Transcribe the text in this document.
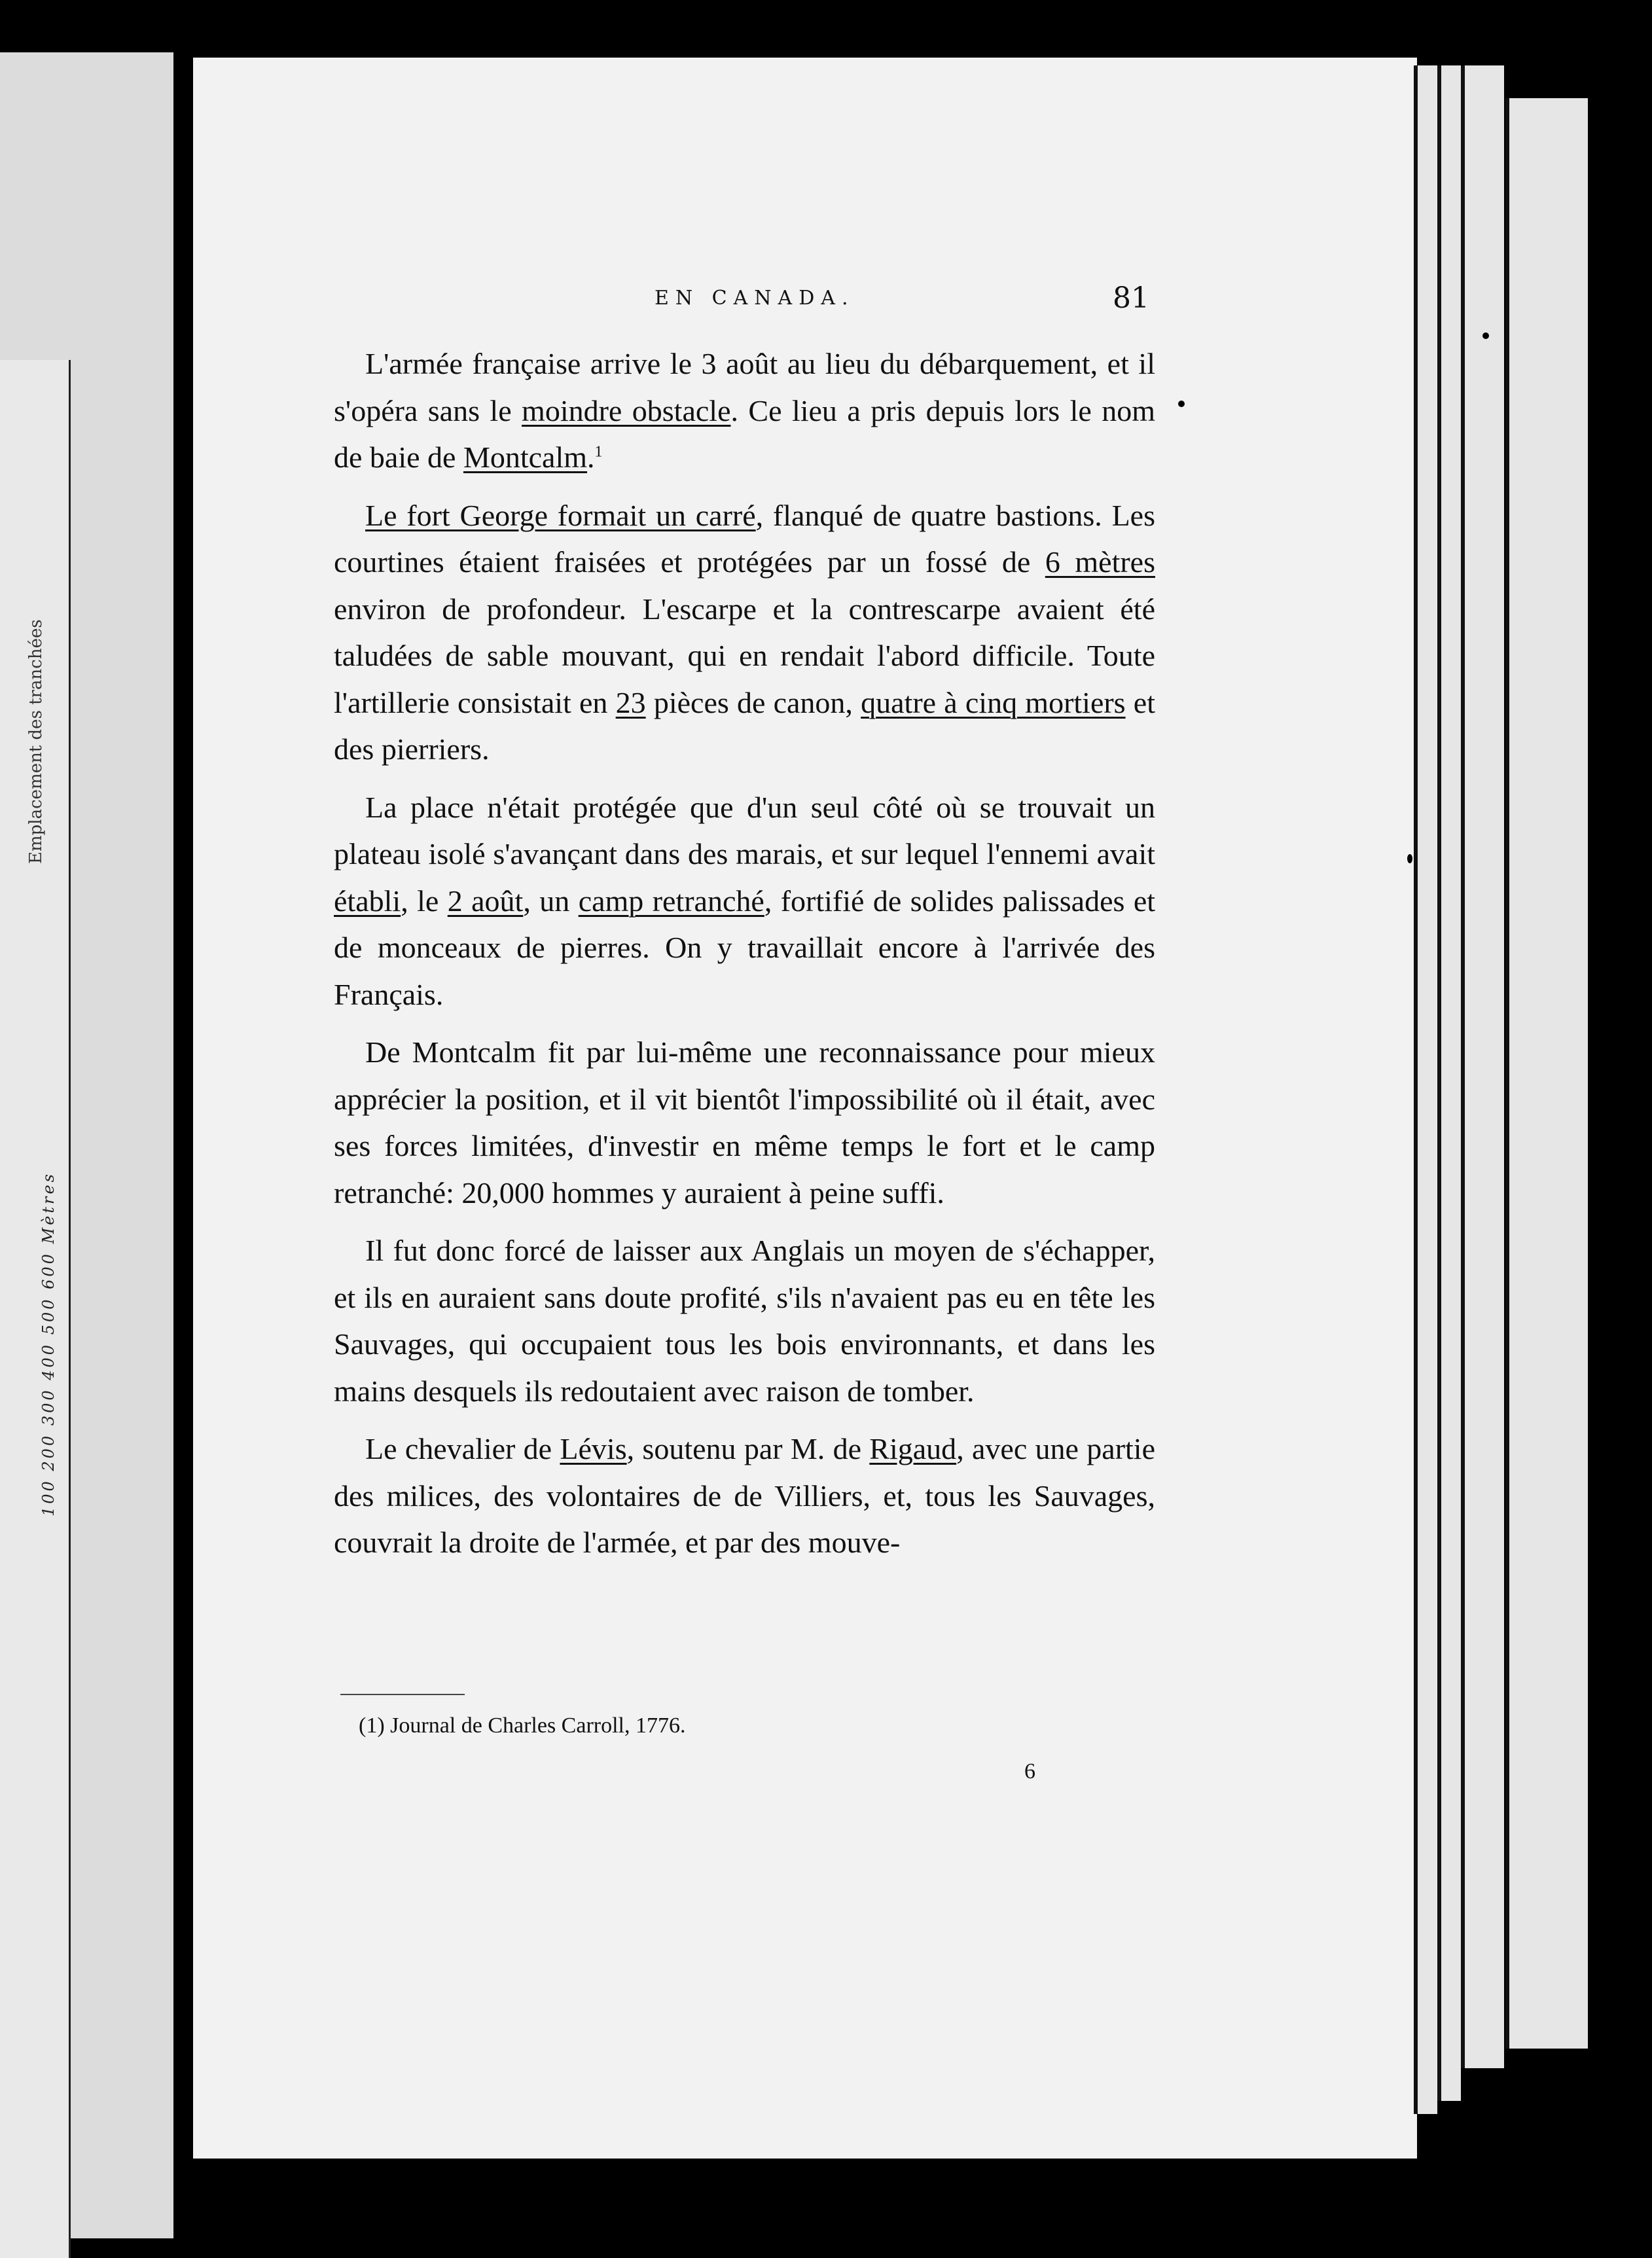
Emplacement des tranchées
100 200 300 400 500 600 Mètres
EN CANADA.	81

L'armée française arrive le 3 août au lieu du débarquement, et il s'opéra sans le moindre obstacle. Ce lieu a pris depuis lors le nom de baie de Montcalm.$^1$

Le fort George formait un carré, flanqué de quatre bastions. Les courtines étaient fraisées et protégées par un fossé de 6 mètres environ de profondeur. L'escarpe et la contrescarpe avaient été taludées de sable mouvant, qui en rendait l'abord difficile. Toute l'artillerie consistait en 23 pièces de canon, quatre à cinq mortiers et des pierriers.

La place n'était protégée que d'un seul côté où se trouvait un plateau isolé s'avançant dans des marais, et sur lequel l'ennemi avait établi, le 2 août, un camp retranché, fortifié de solides palissades et de monceaux de pierres. On y travaillait encore à l'arrivée des Français.

De Montcalm fit par lui-même une reconnaissance pour mieux apprécier la position, et il vit bientôt l'impossibilité où il était, avec ses forces limitées, d'investir en même temps le fort et le camp retranché: 20,000 hommes y auraient à peine suffi.

Il fut donc forcé de laisser aux Anglais un moyen de s'échapper, et ils en auraient sans doute profité, s'ils n'avaient pas eu en tête les Sauvages, qui occupaient tous les bois environnants, et dans les mains desquels ils redoutaient avec raison de tomber.

Le chevalier de Lévis, soutenu par M. de Rigaud, avec une partie des milices, des volontaires de de Villiers, et, tous les Sauvages, couvrait la droite de l'armée, et par des mouve-

(1) Journal de Charles Carroll, 1776.
6
